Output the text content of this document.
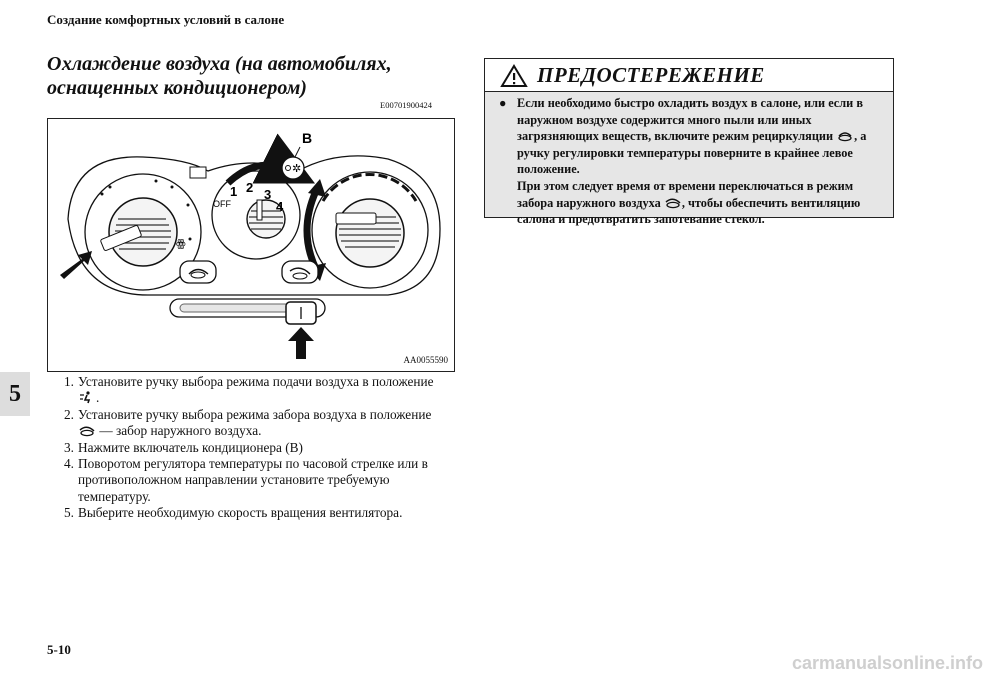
Создание комфортных условий в салоне
Охлаждение воздуха (на автомобилях, оснащенных кондиционером)
E00701900424
5
OFF
1 2 3
4
✲
B
ꙮ
AA0055590
1. Установите ручку выбора режима подачи воздуха в положение
.
2. Установите ручку выбора режима забора воздуха в положение
— забор наружного воздуха.
3. Нажмите включатель кондиционера (B)
4. Поворотом регулятора температуры по часовой стрелке или в противоположном направлении установите требуемую температуру.
5. Выберите необходимую скорость вращения вентилятора.
ПРЕДОСТЕРЕЖЕНИЕ
● Если необходимо быстро охладить воздух в салоне, или если в наружном воздухе содержится много пыли или иных загрязняющих веществ, включите режим рециркуляции , а ручку регулировки температуры поверните в крайнее левое положение.
При этом следует время от времени переключаться в режим забора наружного воздуха , чтобы обеспечить вентиляцию салона и предотвратить запотевание стекол.
5-10
carmanualsonline.info
